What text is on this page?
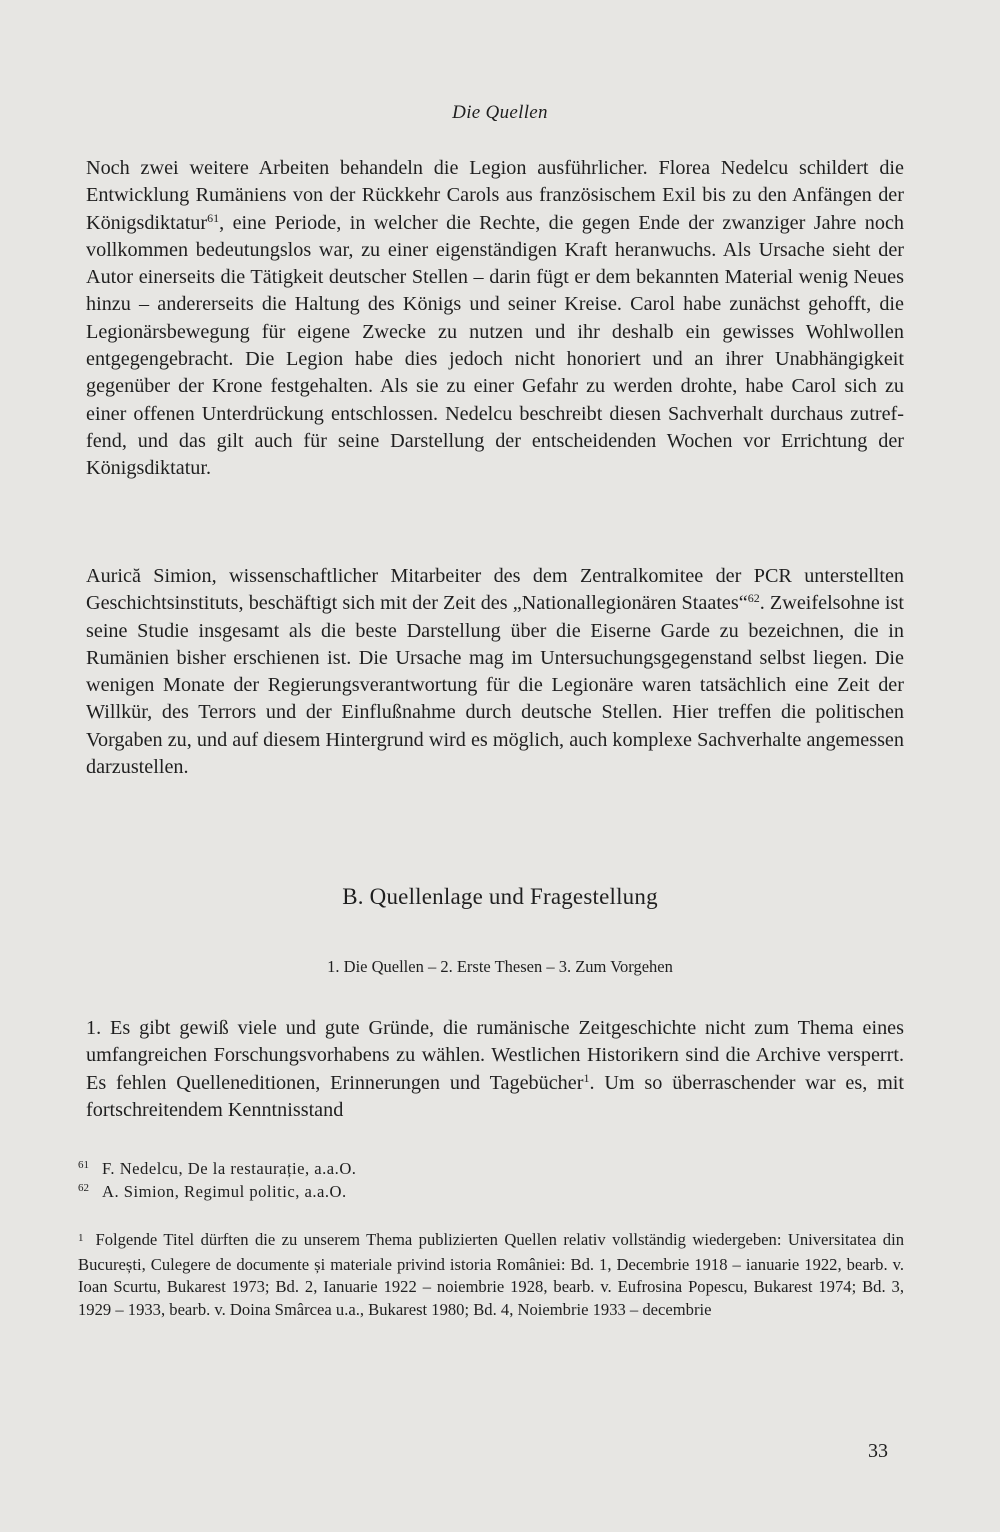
Die Quellen

Noch zwei weitere Arbeiten behandeln die Legion ausführlicher. Florea Nedelcu schildert die Entwicklung Rumäniens von der Rückkehr Carols aus französischem Exil bis zu den Anfängen der Königsdiktatur$^{61}$, eine Periode, in welcher die Rechte, die gegen Ende der zwanziger Jahre noch vollkommen bedeutungslos war, zu einer eigenständigen Kraft heranwuchs. Als Ursache sieht der Autor einerseits die Tätigkeit deutscher Stellen – darin fügt er dem bekannten Material wenig Neues hinzu – andererseits die Haltung des Königs und seiner Kreise. Carol habe zunächst gehofft, die Legionärsbewegung für eigene Zwecke zu nutzen und ihr deshalb ein gewisses Wohlwollen entgegengebracht. Die Legion habe dies jedoch nicht honoriert und an ihrer Unabhängigkeit gegenüber der Krone festgehalten. Als sie zu einer Gefahr zu werden drohte, habe Carol sich zu einer offenen Unterdrückung entschlossen. Nedelcu beschreibt diesen Sachverhalt durchaus zutreffend, und das gilt auch für seine Darstellung der entscheidenden Wochen vor Errichtung der Königsdiktatur.

Aurică Simion, wissenschaftlicher Mitarbeiter des dem Zentralkomitee der PCR unterstellten Geschichtsinstituts, beschäftigt sich mit der Zeit des „Nationallegionären Staates“$^{62}$. Zweifelsohne ist seine Studie insgesamt als die beste Darstellung über die Eiserne Garde zu bezeichnen, die in Rumänien bisher erschienen ist. Die Ursache mag im Untersuchungsgegenstand selbst liegen. Die wenigen Monate der Regierungsverantwortung für die Legionäre waren tatsächlich eine Zeit der Willkür, des Terrors und der Einflußnahme durch deutsche Stellen. Hier treffen die politischen Vorgaben zu, und auf diesem Hintergrund wird es möglich, auch komplexe Sachverhalte angemessen darzustellen.

B. Quellenlage und Fragestellung
1. Die Quellen – 2. Erste Thesen – 3. Zum Vorgehen

1. Es gibt gewiß viele und gute Gründe, die rumänische Zeitgeschichte nicht zum Thema eines umfangreichen Forschungsvorhabens zu wählen. Westlichen Historikern sind die Archive versperrt. Es fehlen Quelleneditionen, Erinnerungen und Tagebücher$^1$. Um so überraschender war es, mit fortschreitendem Kenntnisstand

61 F. Nedelcu, De la restaurație, a.a.O.
62 A. Simion, Regimul politic, a.a.O.
$^1$ Folgende Titel dürften die zu unserem Thema publizierten Quellen relativ vollständig wiedergeben: Universitatea din București, Culegere de documente și materiale privind istoria României: Bd. 1, Decembrie 1918 – ianuarie 1922, bearb. v. Ioan Scurtu, Bukarest 1973; Bd. 2, Ianuarie 1922 – noiembrie 1928, bearb. v. Eufrosina Popescu, Bukarest 1974; Bd. 3, 1929 – 1933, bearb. v. Doina Smârcea u.a., Bukarest 1980; Bd. 4, Noiembrie 1933 – decembrie
33
